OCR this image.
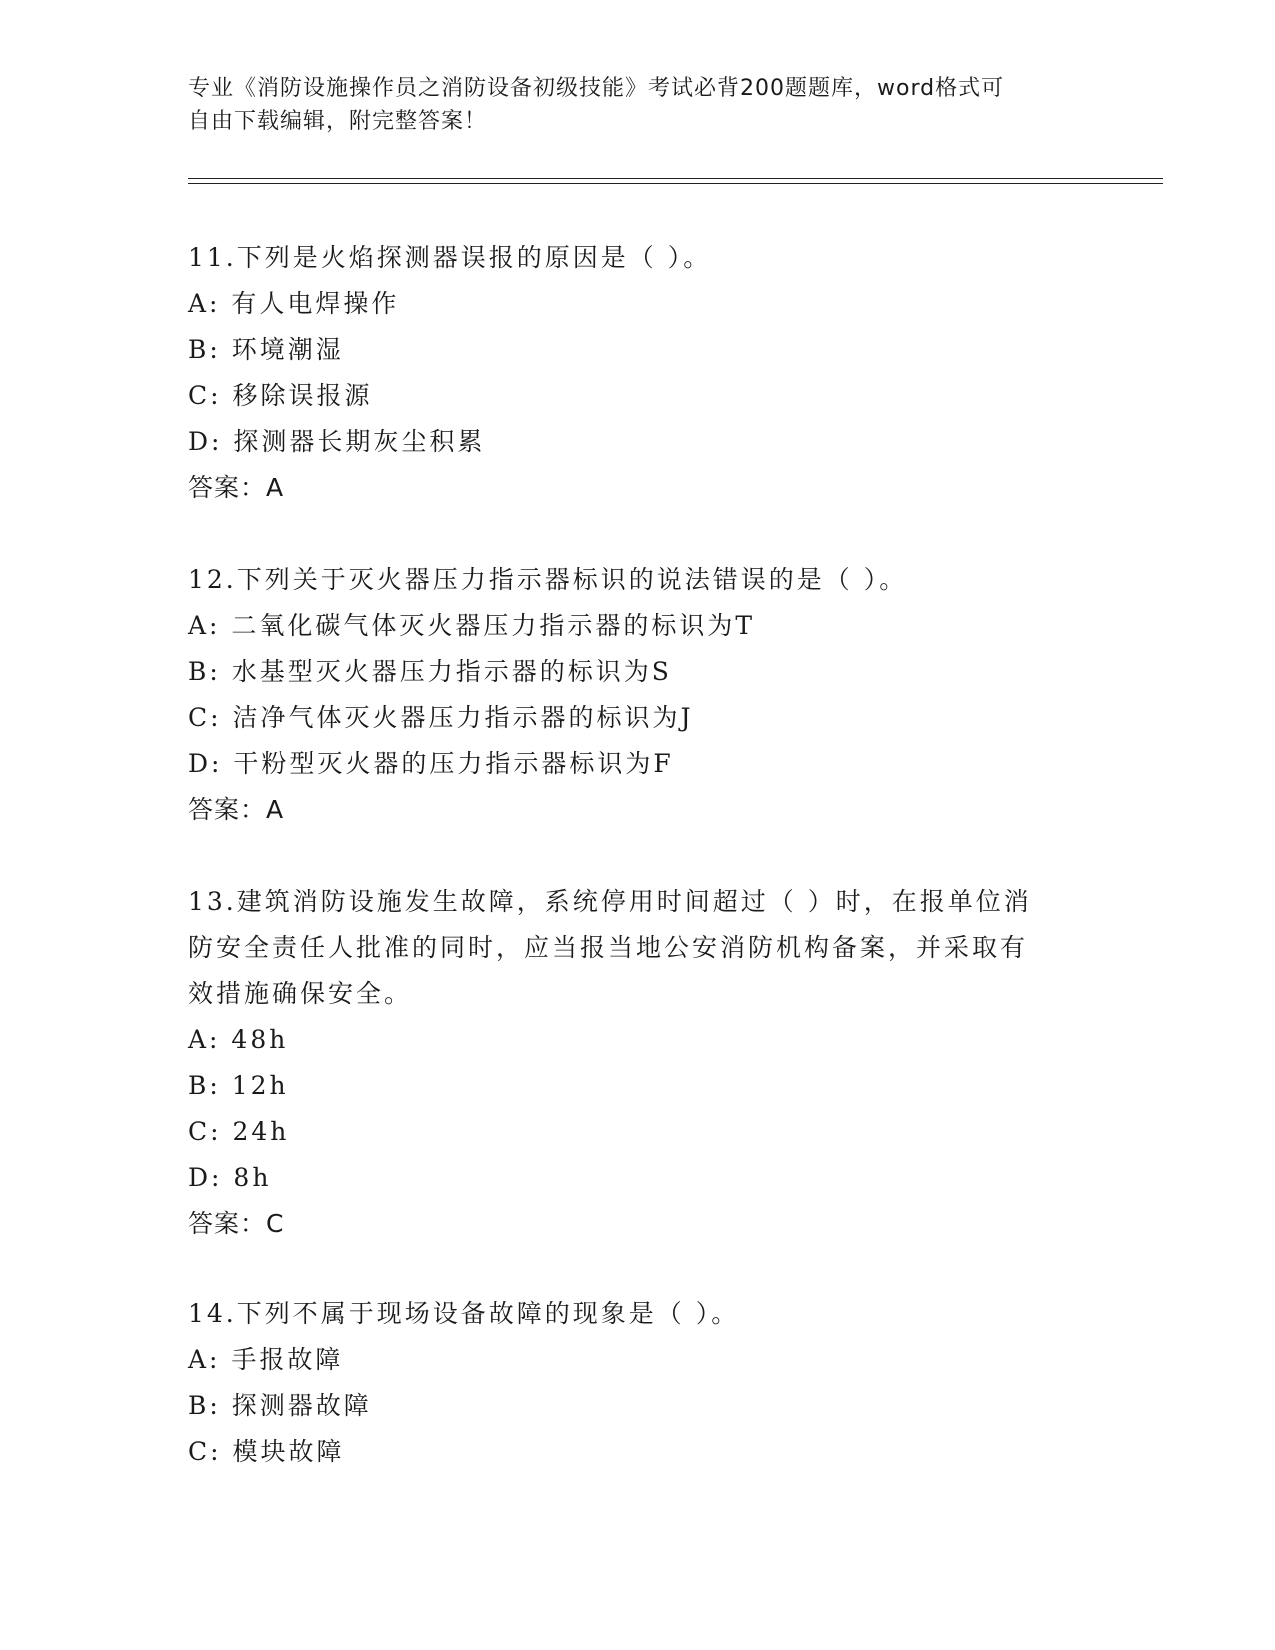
专业《消防设施操作员之消防设备初级技能》考试必背200题题库，word格式可
自由下载编辑，附完整答案！
11.下列是火焰探测器误报的原因是（ ）。
A: 有人电焊操作
B: 环境潮湿
C: 移除误报源
D: 探测器长期灰尘积累
答案：A
12.下列关于灭火器压力指示器标识的说法错误的是（ ）。
A: 二氧化碳气体灭火器压力指示器的标识为T
B: 水基型灭火器压力指示器的标识为S
C: 洁净气体灭火器压力指示器的标识为J
D: 干粉型灭火器的压力指示器标识为F
答案：A
13.建筑消防设施发生故障，系统停用时间超过（ ）时，在报单位消
防安全责任人批准的同时，应当报当地公安消防机构备案，并采取有
效措施确保安全。
A: 48h
B: 12h
C: 24h
D: 8h
答案：C
14.下列不属于现场设备故障的现象是（ ）。
A: 手报故障
B: 探测器故障
C: 模块故障
